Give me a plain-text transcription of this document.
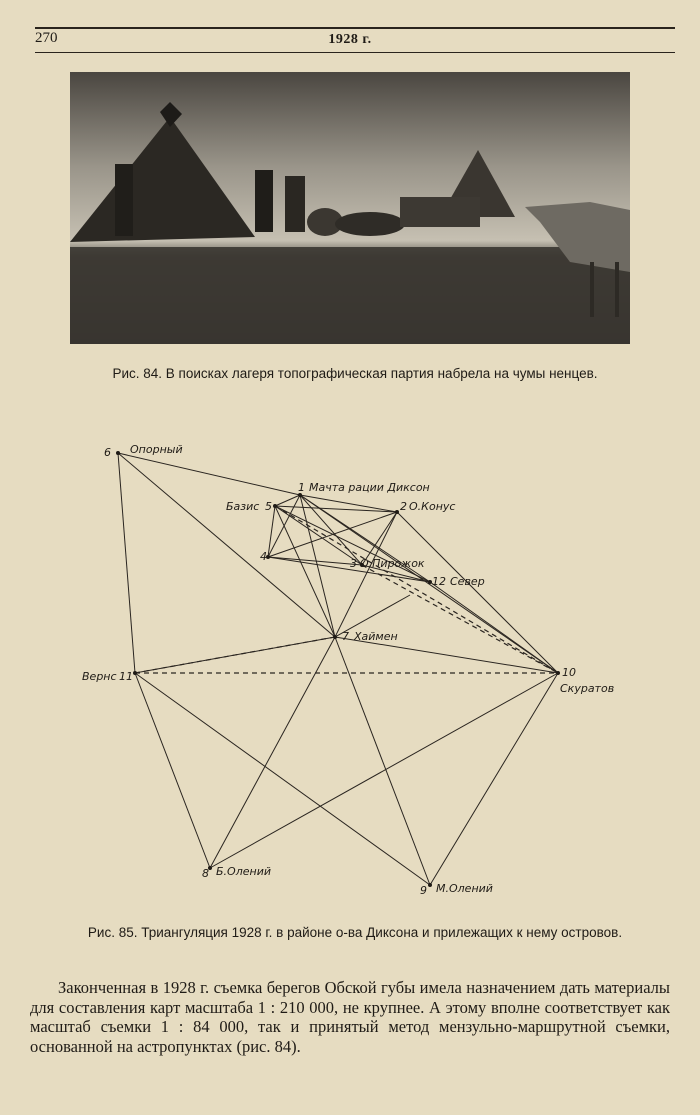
270	1928 г.
Рис. 84. В поисках лагеря топографическая партия набрела на чумы ненцев.
6 Опорный
1 Мачта рации Диксон
Базис 5	2 О.Конус
4
3 О.Пирожок
12 Север
7 Хаймен
Вернс 11	10
Скуратов
8 Б.Олений
9 М.Олений
Рис. 85. Триангуляция 1928 г. в районе о-ва Диксона и прилежащих к нему островов.
Законченная в 1928 г. съемка берегов Обской губы имела назначением дать материалы для составления карт масштаба 1 : 210 000, не крупнее. А этому вполне соответствует как масштаб съемки 1 : 84 000, так и принятый метод мензульно-маршрутной съемки, основанной на астропунктах (рис. 84).
